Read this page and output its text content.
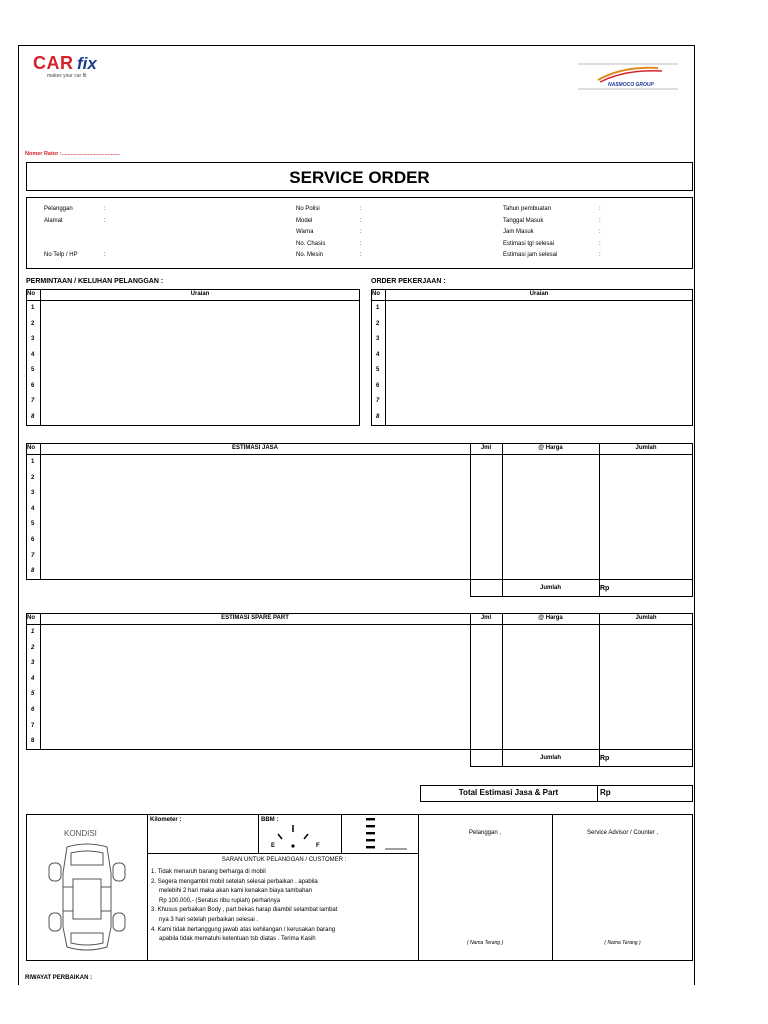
CAR fix
makes your car fit
NASMOCO GROUP
Nomer Rator :......................................
SERVICE ORDER
Pelanggan	:
Alamat	:
No Telp / HP	:
No Polisi	:
Model	:
Warna	:
No. Chasis	:
No. Mesin	:
Tahun pembuatan	:
Tanggal Masuk	:
Jam Masuk	:
Estimasi tgl selesai	:
Estimasi jam selesai	:
PERMINTAAN / KELUHAN PELANGGAN :	ORDER PEKERJAAN :
No	Uraian
1
2
3
4
5
6
7
8
No	Uraian
1
2
3
4
5
6
7
8
No	ESTIMASI JASA	Jml	@ Harga	Jumlah
1
2
3
4
5
6
7
8
Jumlah	Rp
No	ESTIMASI SPARE PART	Jml	@ Harga	Jumlah
1
2
3
4
5
6
7
8
Jumlah	Rp
Total Estimasi Jasa & Part	Rp
KONDISI
Kilometer :	BBM :
E	F
SARAN UNTUK PELANGGAN / CUSTOMER :
1. Tidak menaruh barang berharga di mobil
2. Segera mengambil mobil setelah selesai perbaikan , apabila
melebihi 2 hari maka akan kami kenakan biaya tambahan
Rp 100.000,- (Seratus ribu rupiah) perharinya
3. Khusus perbaikan Body , part bekas harap diambil selambat lambat
nya 3 hari setelah perbaikan selesai .
4. Kami tidak bertanggung jawab atas kehilangan / kerusakan barang
apabila tidak mematuhi ketentuan tsb diatas . Terima Kasih
Pelanggan ,	Service Advisor / Counter ,
( Nama Terang )	( Nama Terang )
RIWAYAT PERBAIKAN :
